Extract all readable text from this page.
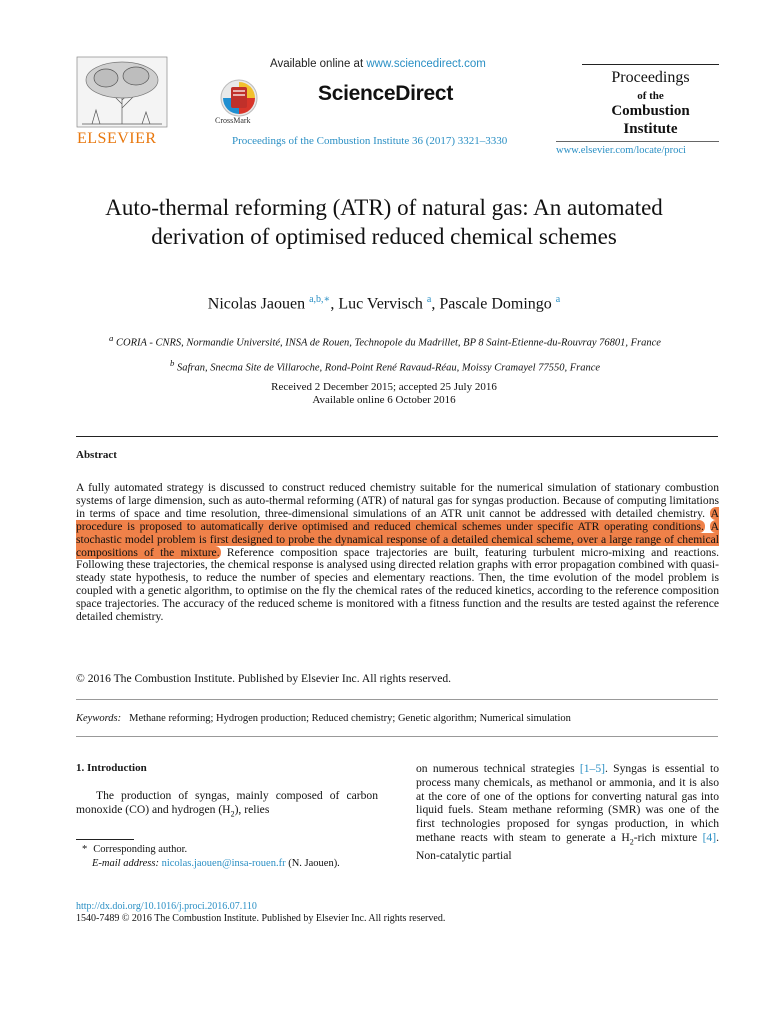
ELSEVIER
Available online at www.sciencedirect.com
CrossMark
ScienceDirect
Proceedings of the Combustion Institute 36 (2017) 3321–3330
Proceedings
of the
Combustion
Institute
www.elsevier.com/locate/proci
Auto-thermal reforming (ATR) of natural gas: An automated derivation of optimised reduced chemical schemes
Nicolas Jaouen $^{a,b,∗}$, Luc Vervisch $^a$, Pascale Domingo $^a$
$^a$ CORIA - CNRS, Normandie Université, INSA de Rouen, Technopole du Madrillet, BP 8 Saint-Etienne-du-Rouvray 76801, France
$^b$ Safran, Snecma Site de Villaroche, Rond-Point René Ravaud-Réau, Moissy Cramayel 77550, France
Received 2 December 2015; accepted 25 July 2016
Available online 6 October 2016
Abstract
A fully automated strategy is discussed to construct reduced chemistry suitable for the numerical simulation of stationary combustion systems of large dimension, such as auto-thermal reforming (ATR) of natural gas for syngas production. Because of computing limitations in terms of space and time resolution, three-dimensional simulations of an ATR unit cannot be addressed with detailed chemistry. A procedure is proposed to automatically derive optimised and reduced chemical schemes under specific ATR operating conditions. A stochastic model problem is first designed to probe the dynamical response of a detailed chemical scheme, over a large range of chemical compositions of the mixture. Reference composition space trajectories are built, featuring turbulent micro-mixing and reactions. Following these trajectories, the chemical response is analysed using directed relation graphs with error propagation combined with quasi-steady state hypothesis, to reduce the number of species and elementary reactions. Then, the time evolution of the model problem is coupled with a genetic algorithm, to optimise on the fly the chemical rates of the reduced kinetics, according to the reference composition space trajectories. The accuracy of the reduced scheme is monitored with a fitness function and the results are tested against the reference detailed chemistry.
© 2016 The Combustion Institute. Published by Elsevier Inc. All rights reserved.
Keywords: Methane reforming; Hydrogen production; Reduced chemistry; Genetic algorithm; Numerical simulation
1. Introduction
The production of syngas, mainly composed of carbon monoxide (CO) and hydrogen $(H_2)$, relies
on numerous technical strategies [1–5]. Syngas is essential to process many chemicals, as methanol or ammonia, and it is also at the core of one of the options for converting natural gas into liquid fuels. Steam methane reforming (SMR) was one of the first technologies proposed for syngas production, in which methane reacts with steam to generate a $H_2$-rich mixture [4]. Non-catalytic partial
* Corresponding author.
E-mail address: nicolas.jaouen@insa-rouen.fr (N. Jaouen).
http://dx.doi.org/10.1016/j.proci.2016.07.110
1540-7489 © 2016 The Combustion Institute. Published by Elsevier Inc. All rights reserved.
